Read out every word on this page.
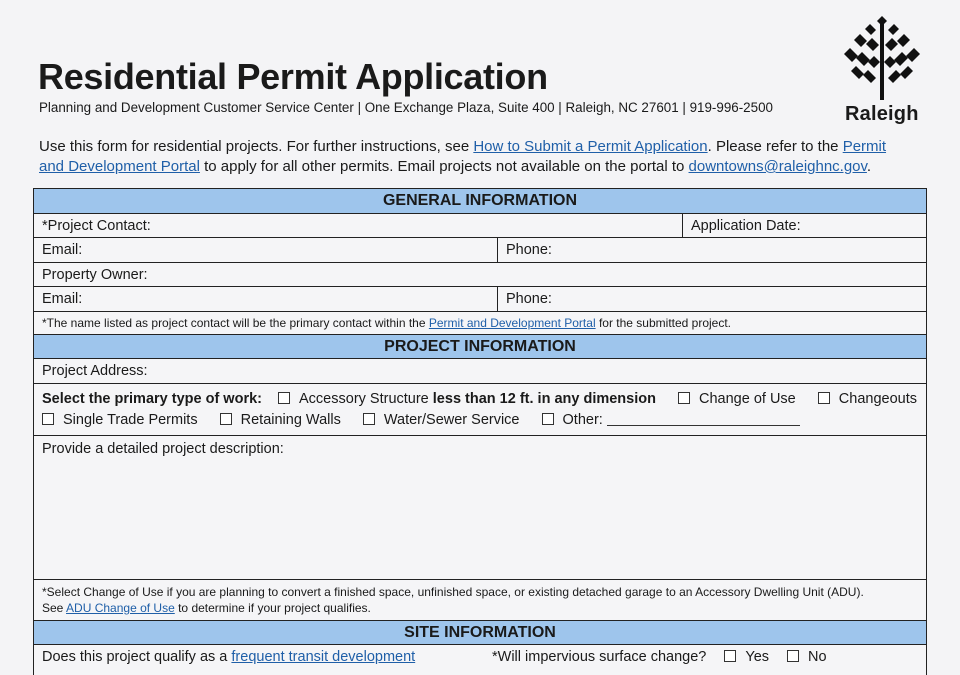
Residential Permit Application
Planning and Development Customer Service Center | One Exchange Plaza, Suite 400 | Raleigh, NC 27601 | 919-996-2500	Raleigh
Use this form for residential projects. For further instructions, see How to Submit a Permit Application. Please refer to the Permit and Development Portal to apply for all other permits. Email projects not available on the portal to downtowns@raleighnc.gov.
GENERAL INFORMATION
*Project Contact:	Application Date:
Email:	Phone:
Property Owner:
Email:	Phone:
*The name listed as project contact will be the primary contact within the
Permit and Development Portal
for the submitted project.
PROJECT INFORMATION
Project Address:
Select the primary type of work:	Accessory Structure less than 12 ft. in any dimension	Change of Use	Changeouts
Single Trade Permits	Retaining Walls	Water/Sewer Service	Other:
Provide a detailed project description:
*Select Change of Use if you are planning to convert a finished space, unfinished space, or existing detached garage to an Accessory Dwelling Unit (ADU).
See ADU Change of Use to determine if your project qualifies.
SITE INFORMATION
Does this project qualify as a
frequent transit development	*Will impervious surface change?	Yes	No
